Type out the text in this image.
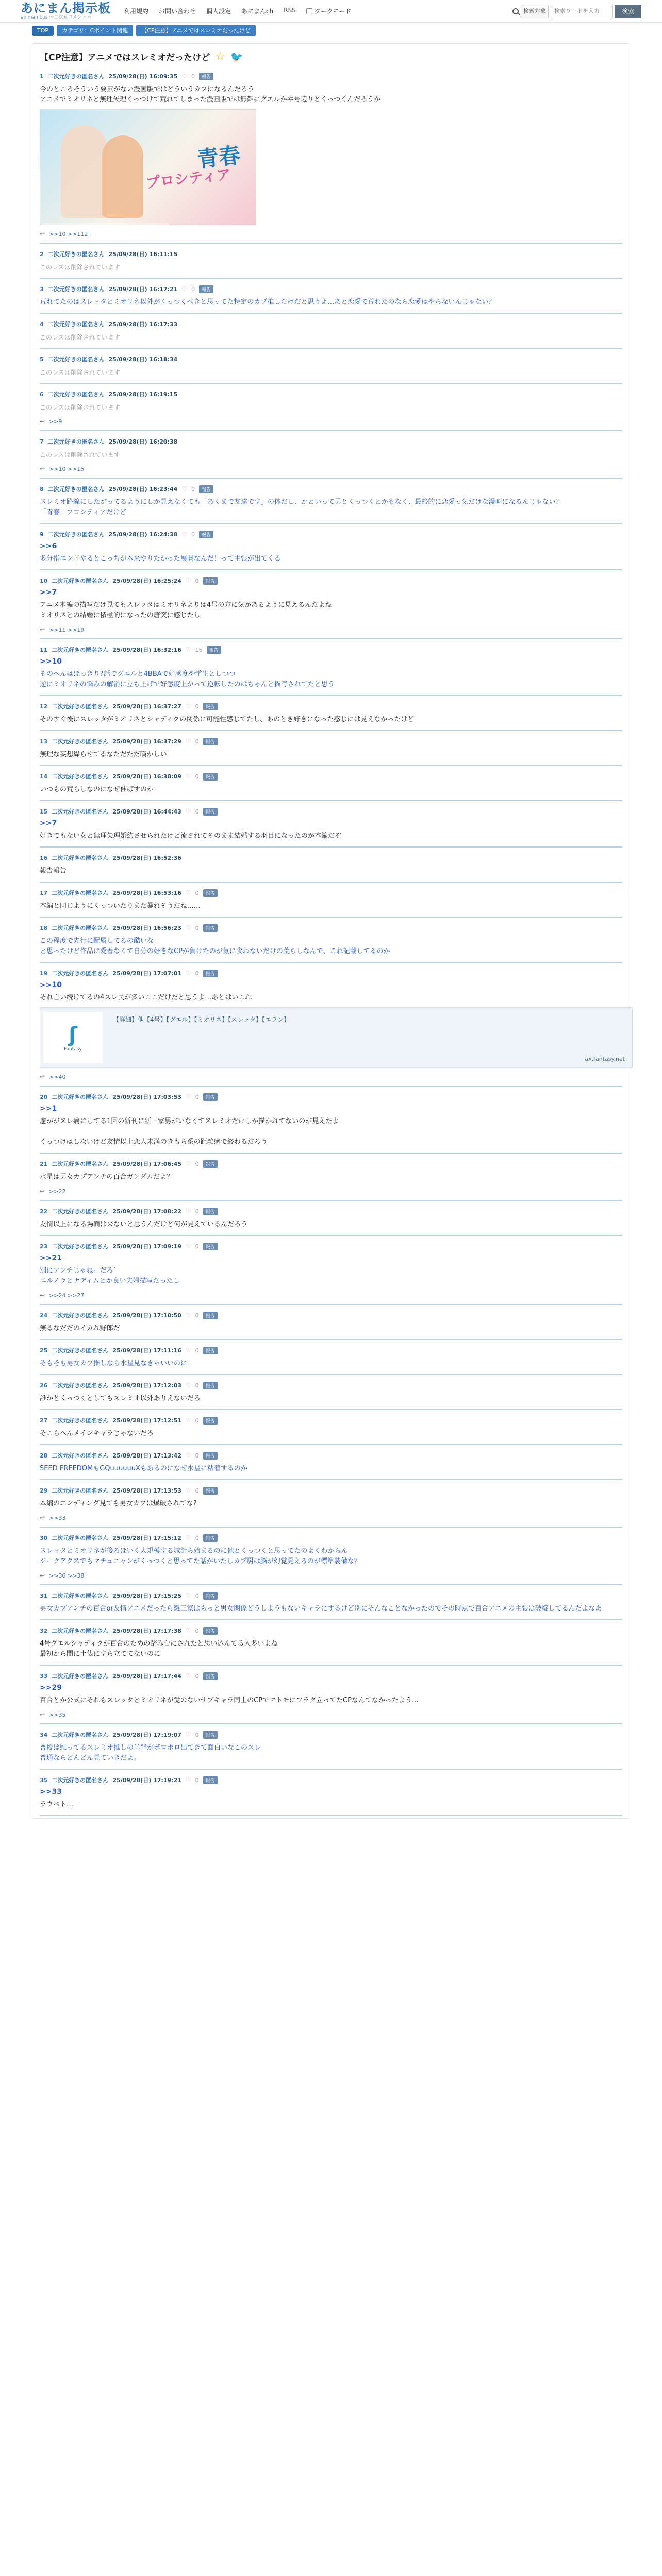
あにまん掲示板
animan bbs ～二次元コメント～
利用規約 お問い合わせ 個人設定 あにまんch RSS	ダークモード	検索対象
検索ワードを入力	検索
TOP	カテゴリ：Cポイント関連	【CP注意】アニメではスレミオだったけど
【CP注意】アニメではスレミオだったけど ☆ 🐦
1 二次元好きの匿名さん 25/09/28(日) 16:09:35 ♡ 0	報告
今のところそういう要素がない漫画版ではどういうカプになるんだろう
アニメでミオリネと無理矢理くっつけて荒れてしまった漫画版では無難にグエルかヰ号辺りとくっつくんだろうか
青春
プロシティア
↩ >>10 >>112
2 二次元好きの匿名さん 25/09/28(日) 16:11:15
このレスは削除されています
3 二次元好きの匿名さん 25/09/28(日) 16:17:21 ♡ 0	報告
荒れてたのはスレッタとミオリネ以外がくっつくべきと思ってた特定のカプ推しだけだと思うよ…あと恋愛で荒れたのなら恋愛はやらないんじゃない？
4 二次元好きの匿名さん 25/09/28(日) 16:17:33
このレスは削除されています
5 二次元好きの匿名さん 25/09/28(日) 16:18:34
このレスは削除されています
6 二次元好きの匿名さん 25/09/28(日) 16:19:15
このレスは削除されています
↩ >>9
7 二次元好きの匿名さん 25/09/28(日) 16:20:38
このレスは削除されています
↩ >>10 >>15
8 二次元好きの匿名さん 25/09/28(日) 16:23:44 ♡ 0	報告
スレミオ路線にしたがってるようにしか見えなくても「あくまで友達です」の体だし、かといって男とくっつくとかもなく、最終的に恋愛っ気だけな漫画になるんじゃない？
「青春」プロシティアだけど
9 二次元好きの匿名さん 25/09/28(日) 16:24:38 ♡ 0	報告
>>6
多分指エンドやるとこっちが本来やりたかった展開なんだ！って主張が出てくる
10 二次元好きの匿名さん 25/09/28(日) 16:25:24 ♡ 0	報告
>>7
アニメ本編の描写だけ見てもスレッタはミオリネよりは4号の方に気があるように見えるんだよね
ミオリネとの結婚に積極的になったの唐突に感じたし
↩ >>11 >>19
11 二次元好きの匿名さん 25/09/28(日) 16:32:16 ♡ 16	報告
>>10
そのへんはほっきり?話でグエルと4BBAで好感度や学生としつつ
逆にミオリネの悩みの解消に立ち上げで好感度上がって逆転したのはちゃんと描写されてたと思う
12 二次元好きの匿名さん 25/09/28(日) 16:37:27 ♡ 0	報告
そのすぐ後にスレッタがミオリネとシャディクの関係に可能性感じてたし、あのとき好きになった感じには見えなかったけど
13 二次元好きの匿名さん 25/09/28(日) 16:37:29 ♡ 0	報告
無理な妄想繰らせてるなただただ嘆かしい
14 二次元好きの匿名さん 25/09/28(日) 16:38:09 ♡ 0	報告
いつもの荒らしなのになぜ伸ばすのか
15 二次元好きの匿名さん 25/09/28(日) 16:44:43 ♡ 0	報告
>>7
好きでもない女と無理矢理婚約させられたけど流されてそのまま結婚する羽目になったのが本編だぞ
16 二次元好きの匿名さん 25/09/28(日) 16:52:36
報告報告
17 二次元好きの匿名さん 25/09/28(日) 16:53:16 ♡ 0	報告
本編と同じようにくっついたりまた暴れそうだね……
18 二次元好きの匿名さん 25/09/28(日) 16:56:23 ♡ 0	報告
この程度で先行に配属してるの酷いな
と思ったけど作品に愛着なくて自分の好きなCPが負けたのが気に食わないだけの荒らしなんで、これ記載してるのか
19 二次元好きの匿名さん 25/09/28(日) 17:07:01 ♡ 0	報告
>>10
それ言い続けてるの4スレ民が多いここだけだと思うよ…あとはいこれ
ʃ
Fantasy
【詳細】他【4号】【グエル】【ミオリネ】【スレッタ】【エラン】
ax.fantasy.net
↩ >>40
20 二次元好きの匿名さん 25/09/28(日) 17:03:53 ♡ 0	報告
>>1
慮ががスレ痛にしてる1回の新刊に新三家男がいなくてスレミオだけしか描かれてないのが見えたよ

くっつけはしないけど友情以上恋人未満のきもち系の距離感で終わるだろう
21 二次元好きの匿名さん 25/09/28(日) 17:06:45 ♡ 0	報告
水星は男女カプアンチの百合ガンダムだよ？
↩ >>22
22 二次元好きの匿名さん 25/09/28(日) 17:08:22 ♡ 0	報告
友情以上になる場面は来ないと思うんだけど何が見えているんだろう
23 二次元好きの匿名さん 25/09/28(日) 17:09:19 ♡ 0	報告
>>21
別にアンチじゃねーだろ`
エルノラとナディムとか良い夫婦描写だったし
↩ >>24 >>27
24 二次元好きの匿名さん 25/09/28(日) 17:10:50 ♡ 0	報告
無るなだだのイカれ野郎だ
25 二次元好きの匿名さん 25/09/28(日) 17:11:16 ♡ 0	報告
そもそも男女カプ推しなら水星見なきゃいいのに
26 二次元好きの匿名さん 25/09/28(日) 17:12:03 ♡ 0	報告
誰かとくっつくとしてもスレミオ以外ありえないだろ
27 二次元好きの匿名さん 25/09/28(日) 17:12:51 ♡ 0	報告
そこらへんメインキャラじゃないだろ
28 二次元好きの匿名さん 25/09/28(日) 17:13:42 ♡ 0	報告
SEED FREEDOMもGQuuuuuuXもあるのになぜ水星に粘着するのか
29 二次元好きの匿名さん 25/09/28(日) 17:13:53 ♡ 0	報告
本編のエンディング見ても男女カプは爆破されてな?
↩ >>33
30 二次元好きの匿名さん 25/09/28(日) 17:15:12 ♡ 0	報告
スレッタとミオリネが後ろほいく大規模する城計ら始まるのに他とくっつくと思ってたのよくわからん
ジークアクスでもマチュニャンがくっつくと思ってた話がいたしカプ厨は脳が幻覚見えるのが標準装備な？
↩ >>36 >>38
31 二次元好きの匿名さん 25/09/28(日) 17:15:25 ♡ 0	報告
男女カプアンチの百合or友情アニメだったら雛三家はもっと男女関係どうしようもないキャラにするけど別にそんなことなかったのでその時点で百合アニメの主張は破綻してるんだよなあ
32 二次元好きの匿名さん 25/09/28(日) 17:17:38 ♡ 0	報告
4号グエルシャディクが百合のための踏み台にされたと思い込んでる人多いよね
最初から間に土俵にすら立ててないのに
33 二次元好きの匿名さん 25/09/28(日) 17:17:44 ♡ 0	報告
>>29
百合とか公式にそれもスレッタとミオリネが愛のないサブキャラ同士のCPでマトモにフラグ立ってたCPなんてなかったよう…
↩ >>35
34 二次元好きの匿名さん 25/09/28(日) 17:19:07 ♡ 0	報告
普段は慰ってるスレミオ推しの単背がボロボロ出てきて面白いなこのスレ
普通ならどんどん見ていきだよ。
35 二次元好きの匿名さん 25/09/28(日) 17:19:21 ♡ 0	報告
>>33
ラウペト…
